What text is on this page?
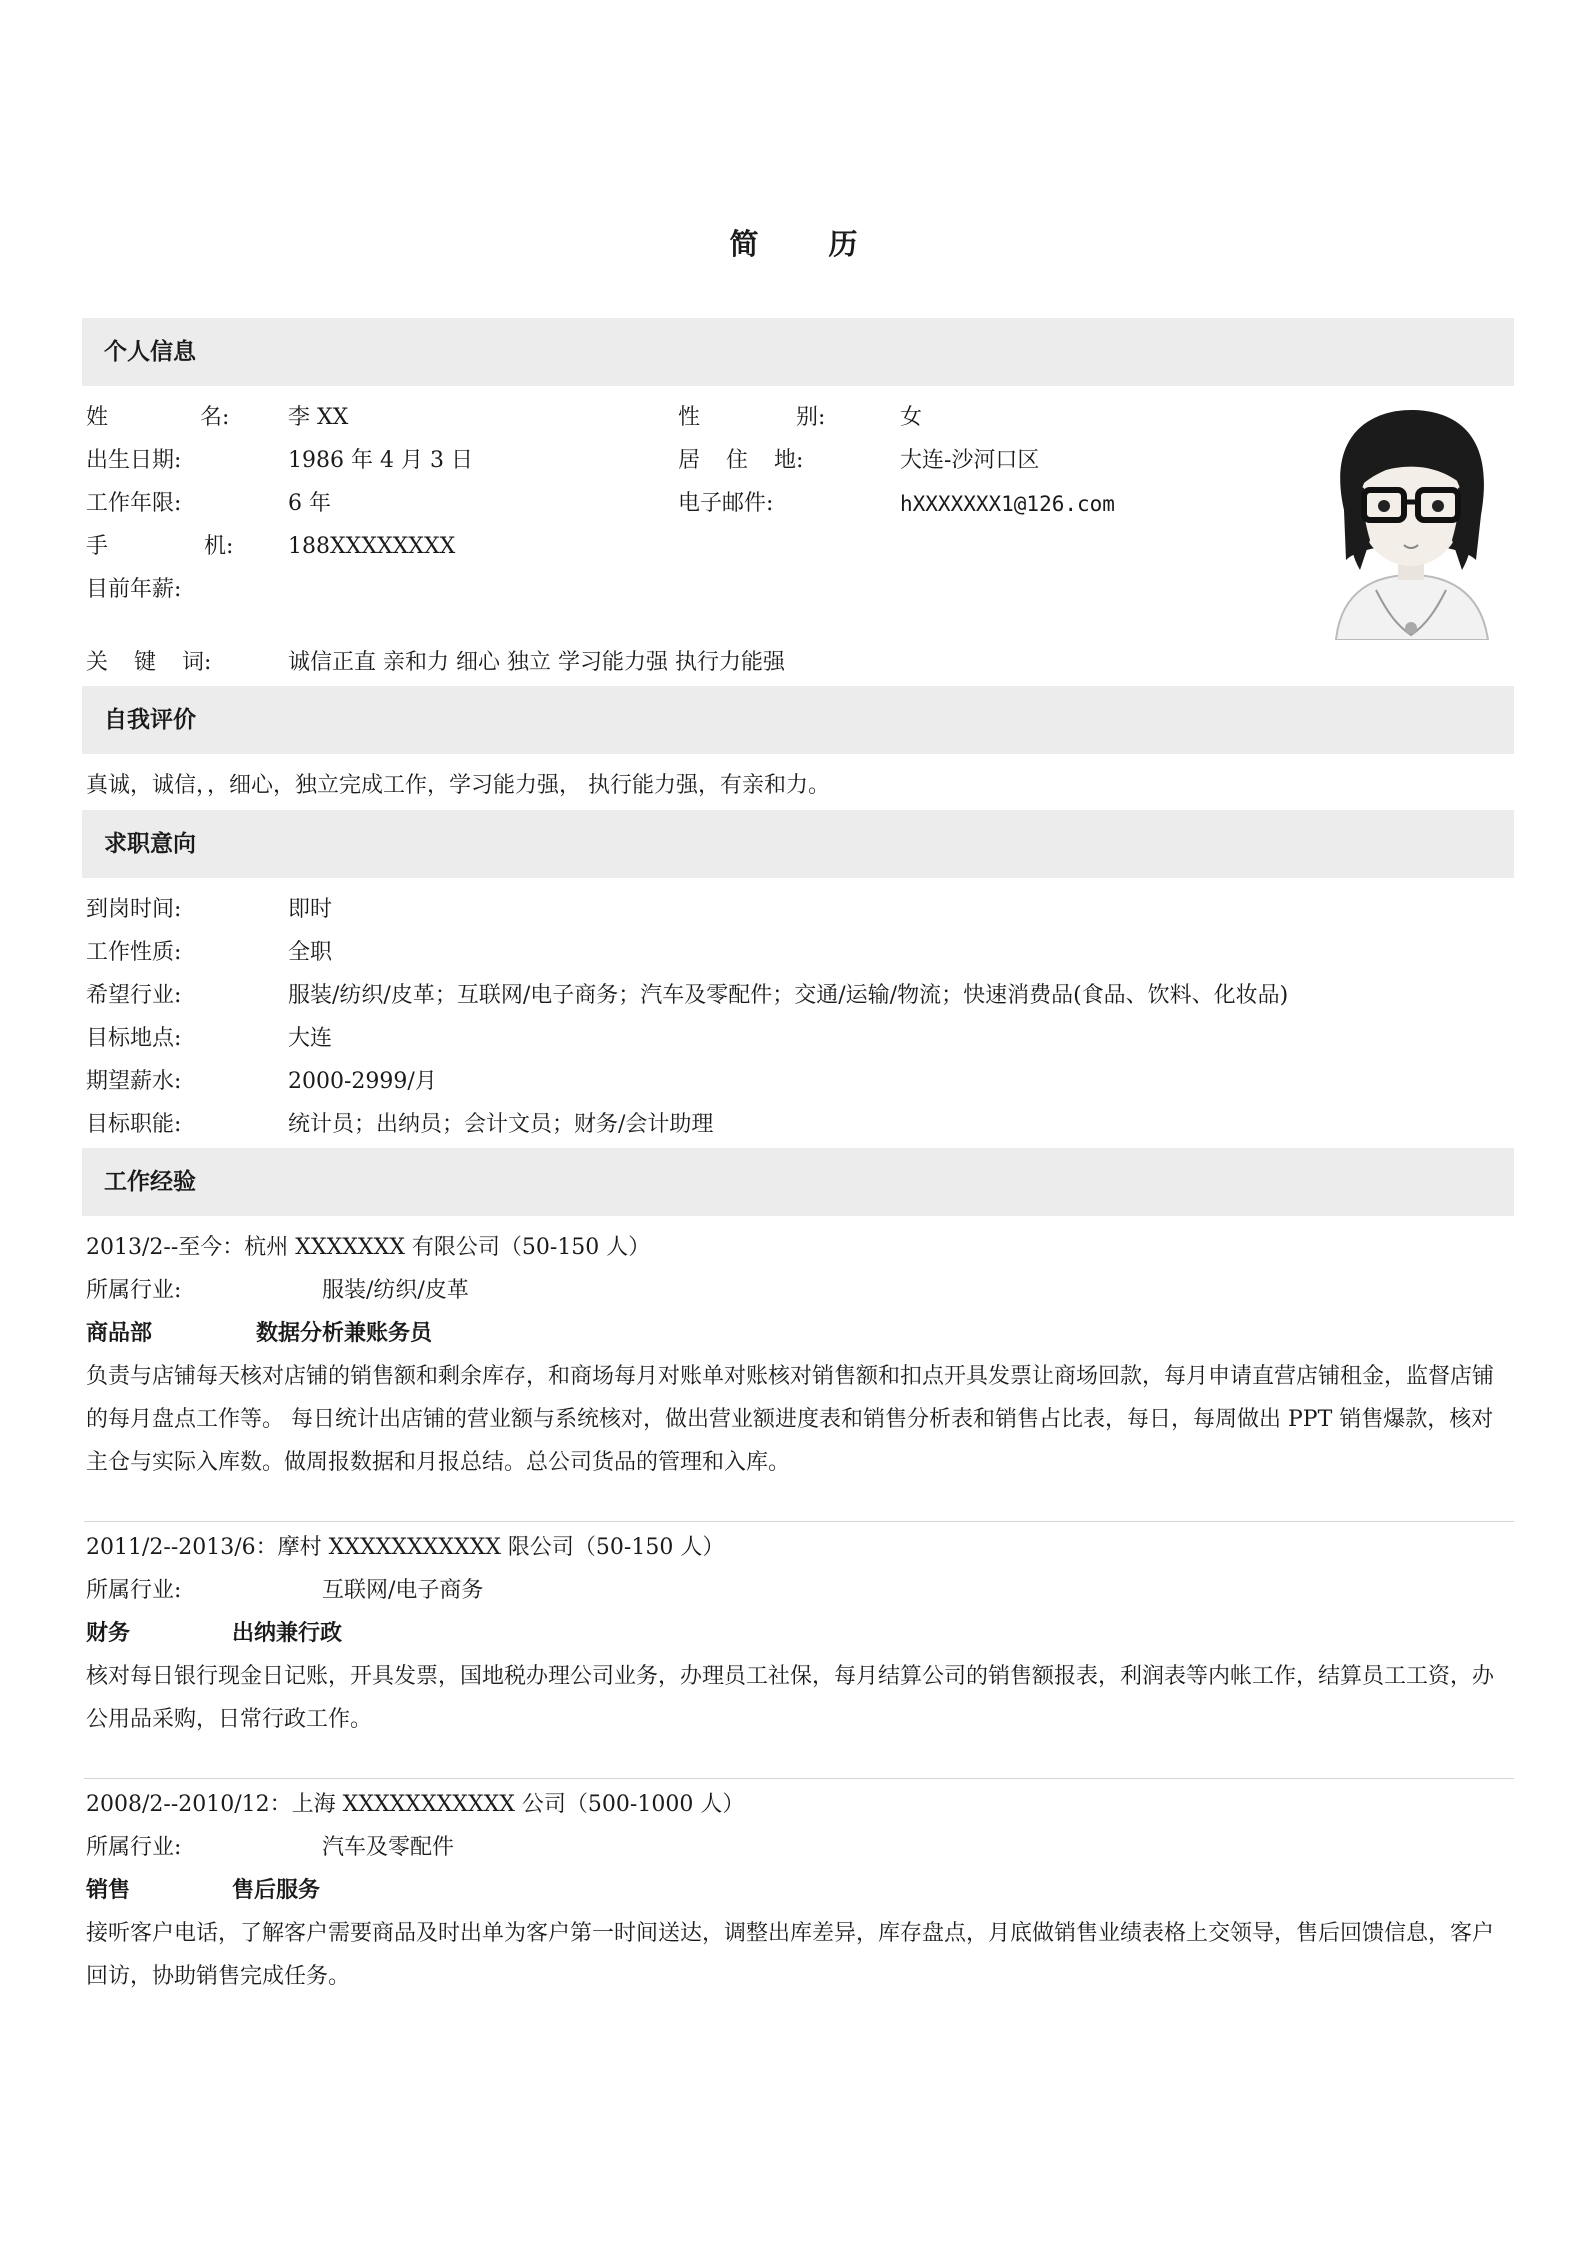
简 历
个人信息
姓	名:	李 XX	性	别:	女
出生日期:	1986 年 4 月 3 日	居 住 地:	大连-沙河口区
工作年限:	6 年	电子邮件:	hXXXXXXX1@126.com
手	机: 188XXXXXXXX
目前年薪:
关 键 词:	诚信正直 亲和力 细心 独立 学习能力强 执行力能强
自我评价
真诚，诚信，，细心，独立完成工作，学习能力强， 执行能力强，有亲和力。
求职意向
到岗时间:	即时
工作性质:	全职
希望行业:	服装/纺织/皮革；互联网/电子商务；汽车及零配件；交通/运输/物流；快速消费品(食品、饮料、化妆品)
目标地点:	大连
期望薪水:	2000-2999/月
目标职能:	统计员；出纳员；会计文员；财务/会计助理
工作经验
2013/2--至今：杭州 XXXXXXX 有限公司（50-150 人）
所属行业:	服装/纺织/皮革
商品部	数据分析兼账务员
负责与店铺每天核对店铺的销售额和剩余库存，和商场每月对账单对账核对销售额和扣点开具发票让商场回款，每月申请直营店铺租金，监督店铺的每月盘点工作等。 每日统计出店铺的营业额与系统核对，做出营业额进度表和销售分析表和销售占比表，每日，每周做出 PPT 销售爆款，核对主仓与实际入库数。做周报数据和月报总结。总公司货品的管理和入库。
2011/2--2013/6：摩村 XXXXXXXXXXX 限公司（50-150 人）
所属行业:	互联网/电子商务
财务	出纳兼行政
核对每日银行现金日记账，开具发票，国地税办理公司业务，办理员工社保，每月结算公司的销售额报表，利润表等内帐工作，结算员工工资，办公用品采购，日常行政工作。
2008/2--2010/12：上海 XXXXXXXXXXX 公司（500-1000 人）
所属行业:	汽车及零配件
销售	售后服务
接听客户电话，了解客户需要商品及时出单为客户第一时间送达，调整出库差异，库存盘点，月底做销售业绩表格上交领导，售后回馈信息，客户回访，协助销售完成任务。
